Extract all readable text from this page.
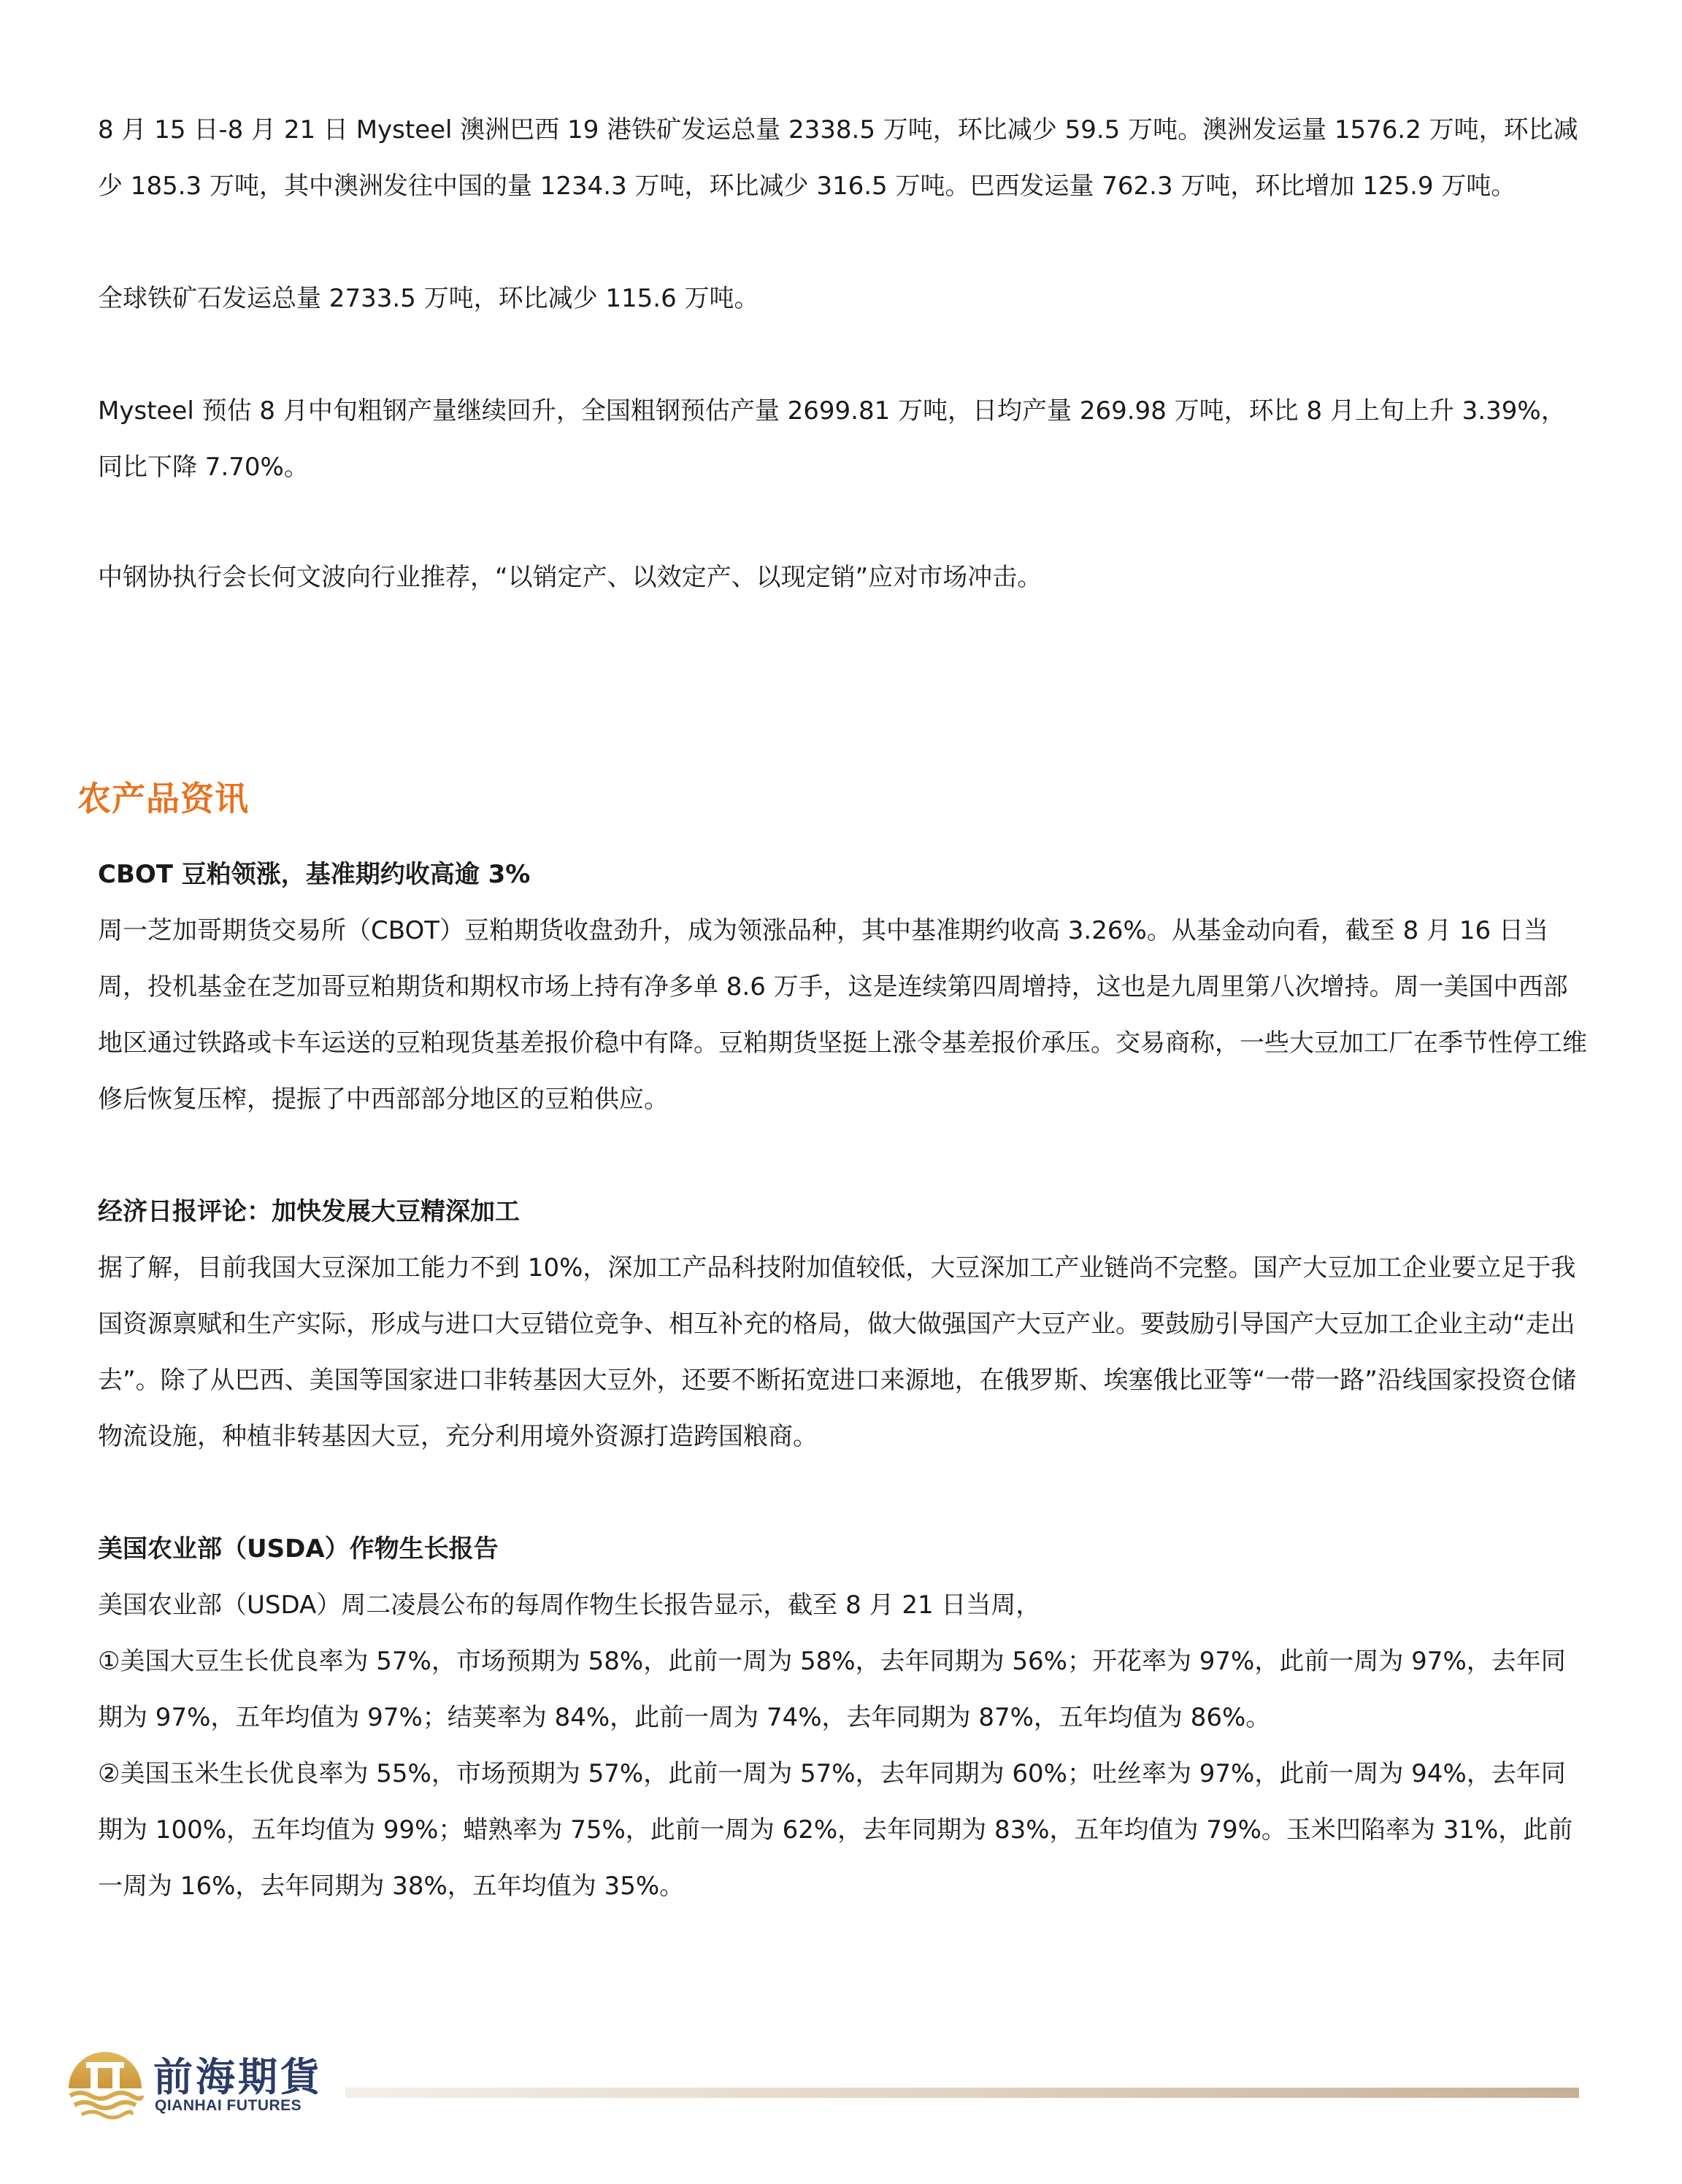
8 月 15 日-8 月 21 日 Mysteel 澳洲巴西 19 港铁矿发运总量 2338.5 万吨，环比减少 59.5 万吨。澳洲发运量 1576.2 万吨，环比减少 185.3 万吨，其中澳洲发往中国的量 1234.3 万吨，环比减少 316.5 万吨。巴西发运量 762.3 万吨，环比增加 125.9 万吨。

全球铁矿石发运总量 2733.5 万吨，环比减少 115.6 万吨。

Mysteel 预估 8 月中旬粗钢产量继续回升，全国粗钢预估产量 2699.81 万吨，日均产量 269.98 万吨，环比 8 月上旬上升 3.39%，同比下降 7.70%。

中钢协执行会长何文波向行业推荐，“以销定产、以效定产、以现定销”应对市场冲击。

农产品资讯

CBOT 豆粕领涨，基准期约收高逾 3%

周一芝加哥期货交易所（CBOT）豆粕期货收盘劲升，成为领涨品种，其中基准期约收高 3.26%。从基金动向看，截至 8 月 16 日当周，投机基金在芝加哥豆粕期货和期权市场上持有净多单 8.6 万手，这是连续第四周增持，这也是九周里第八次增持。周一美国中西部地区通过铁路或卡车运送的豆粕现货基差报价稳中有降。豆粕期货坚挺上涨令基差报价承压。交易商称，一些大豆加工厂在季节性停工维修后恢复压榨，提振了中西部部分地区的豆粕供应。

经济日报评论：加快发展大豆精深加工

据了解，目前我国大豆深加工能力不到 10%，深加工产品科技附加值较低，大豆深加工产业链尚不完整。国产大豆加工企业要立足于我国资源禀赋和生产实际，形成与进口大豆错位竞争、相互补充的格局，做大做强国产大豆产业。要鼓励引导国产大豆加工企业主动“走出去”。除了从巴西、美国等国家进口非转基因大豆外，还要不断拓宽进口来源地，在俄罗斯、埃塞俄比亚等“一带一路”沿线国家投资仓储物流设施，种植非转基因大豆，充分利用境外资源打造跨国粮商。

美国农业部（USDA）作物生长报告

美国农业部（USDA）周二凌晨公布的每周作物生长报告显示，截至 8 月 21 日当周，

①美国大豆生长优良率为 57%，市场预期为 58%，此前一周为 58%，去年同期为 56%；开花率为 97%，此前一周为 97%，去年同期为 97%，五年均值为 97%；结荚率为 84%，此前一周为 74%，去年同期为 87%，五年均值为 86%。

②美国玉米生长优良率为 55%，市场预期为 57%，此前一周为 57%，去年同期为 60%；吐丝率为 97%，此前一周为 94%，去年同期为 100%，五年均值为 99%；蜡熟率为 75%，此前一周为 62%，去年同期为 83%，五年均值为 79%。玉米凹陷率为 31%，此前一周为 16%，去年同期为 38%，五年均值为 35%。

前海期貨

QIANHAI FUTURES
